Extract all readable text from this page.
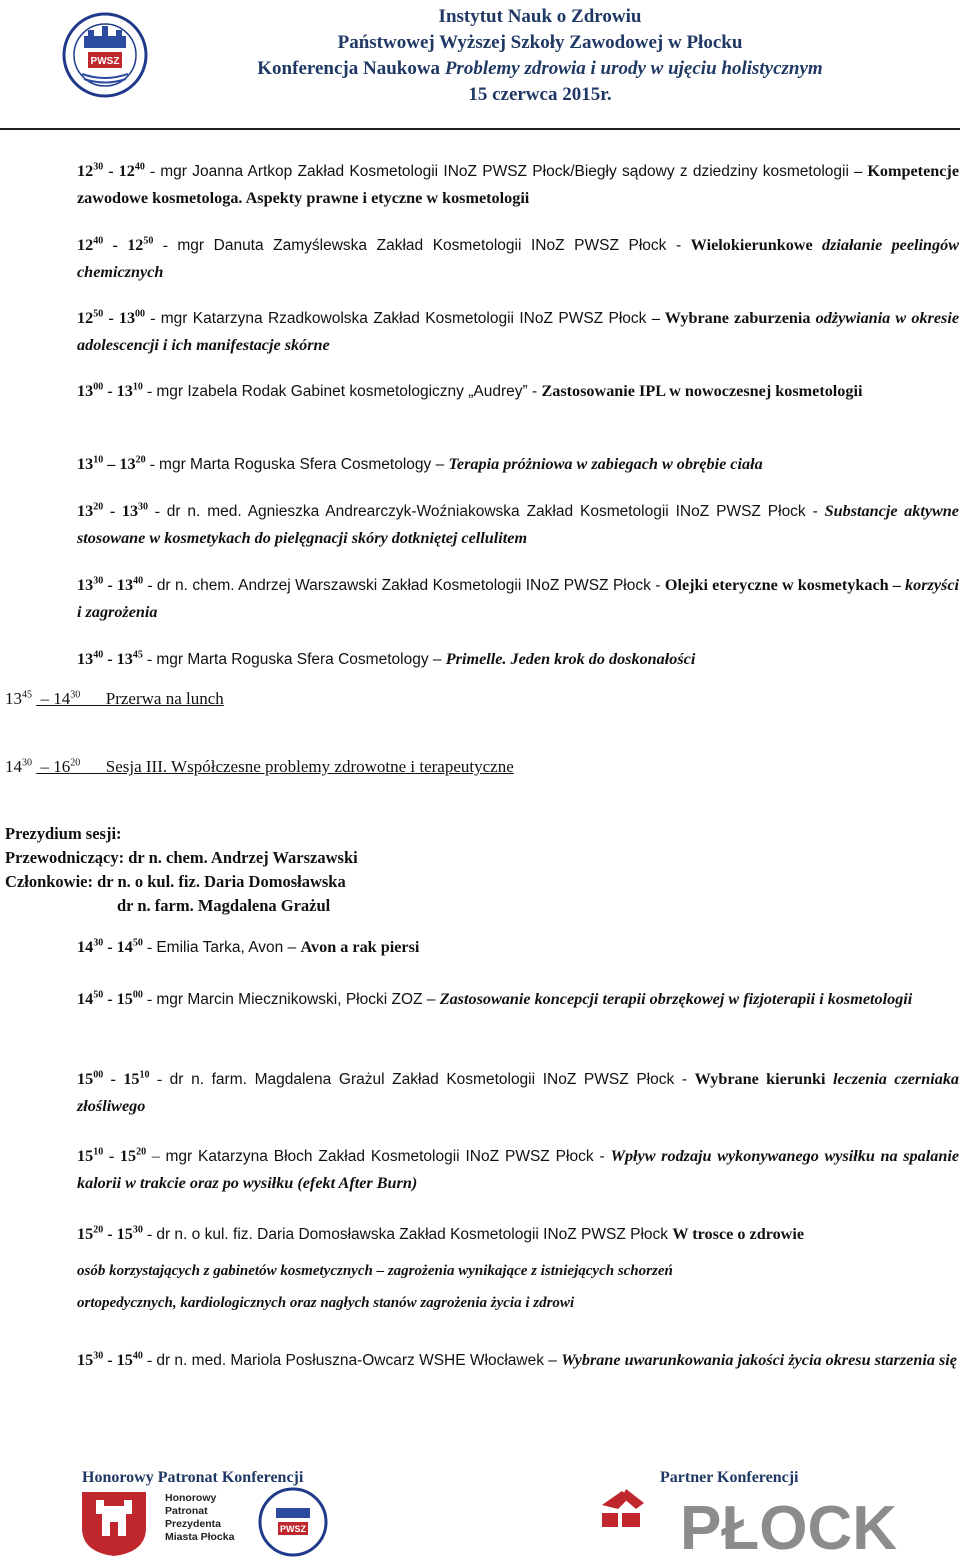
PWSZ
Instytut Nauk o Zdrowiu
Państwowej Wyższej Szkoły Zawodowej w Płocku
Konferencja Naukowa Problemy zdrowia i urody w ujęciu holistycznym
15 czerwca 2015r.
$12^{30} - 12^{40}$ - mgr Joanna Artkop Zakład Kosmetologii INoZ PWSZ Płock/Biegły sądowy z dziedziny kosmetologii – Kompetencje zawodowe kosmetologa. Aspekty prawne i etyczne w kosmetologii
$12^{40} - 12^{50}$ - mgr Danuta Zamyślewska Zakład Kosmetologii INoZ PWSZ Płock - Wielokierunkowe działanie peelingów chemicznych
$12^{50} - 13^{00}$ - mgr Katarzyna Rzadkowolska Zakład Kosmetologii INoZ PWSZ Płock – Wybrane zaburzenia odżywiania w okresie adolescencji i ich manifestacje skórne
$13^{00} - 13^{10}$ - mgr Izabela Rodak Gabinet kosmetologiczny „Audrey” - Zastosowanie IPL w nowoczesnej kosmetologii
$13^{10} - 13^{20}$ - mgr Marta Roguska Sfera Cosmetology – Terapia próżniowa w zabiegach w obrębie ciała
$13^{20} - 13^{30}$ - dr n. med. Agnieszka Andrearczyk-Woźniakowska Zakład Kosmetologii INoZ PWSZ Płock - Substancje aktywne stosowane w kosmetykach do pielęgnacji skóry dotkniętej cellulitem
$13^{30} - 13^{40}$ - dr n. chem. Andrzej Warszawski Zakład Kosmetologii INoZ PWSZ Płock - Olejki eteryczne w kosmetykach – korzyści i zagrożenia
$13^{40} - 13^{45}$ - mgr Marta Roguska Sfera Cosmetology – Primelle. Jeden krok do doskonałości
$13^{45} - 14^{30}$ Przerwa na lunch
$14^{30} - 16^{20}$ Sesja III. Współczesne problemy zdrowotne i terapeutyczne
Prezydium sesji:
Przewodniczący: dr n. chem. Andrzej Warszawski
Członkowie: dr n. o kul. fiz. Daria Domosławska
dr n. farm. Magdalena Grażul
$14^{30} - 14^{50}$ - Emilia Tarka, Avon – Avon a rak piersi
$14^{50} - 15^{00}$ - mgr Marcin Miecznikowski, Płocki ZOZ – Zastosowanie koncepcji terapii obrzękowej w fizjoterapii i kosmetologii
$15^{00} - 15^{10}$ - dr n. farm. Magdalena Grażul Zakład Kosmetologii INoZ PWSZ Płock - Wybrane kierunki leczenia czerniaka złośliwego
$15^{10} - 15^{20}$ – mgr Katarzyna Błoch Zakład Kosmetologii INoZ PWSZ Płock - Wpływ rodzaju wykonywanego wysiłku na spalanie kalorii w trakcie oraz po wysiłku (efekt After Burn)
$15^{20} - 15^{30}$ - dr n. o kul. fiz. Daria Domosławska Zakład Kosmetologii INoZ PWSZ Płock W trosce o zdrowie
$15^{30} - 15^{40}$ - dr n. med. Mariola Posłuszna-Owcarz WSHE Włocławek – Wybrane uwarunkowania jakości życia okresu starzenia się
osób korzystających z gabinetów kosmetycznych – zagrożenia wynikające z istniejących schorzeń
ortopedycznych, kardiologicznych oraz nagłych stanów zagrożenia życia i zdrowi
Honorowy Patronat Konferencji	Partner Konferencji
Honorowy
Patronat
Prezydenta
Miasta Płocka
PWSZ	PŁOCK
